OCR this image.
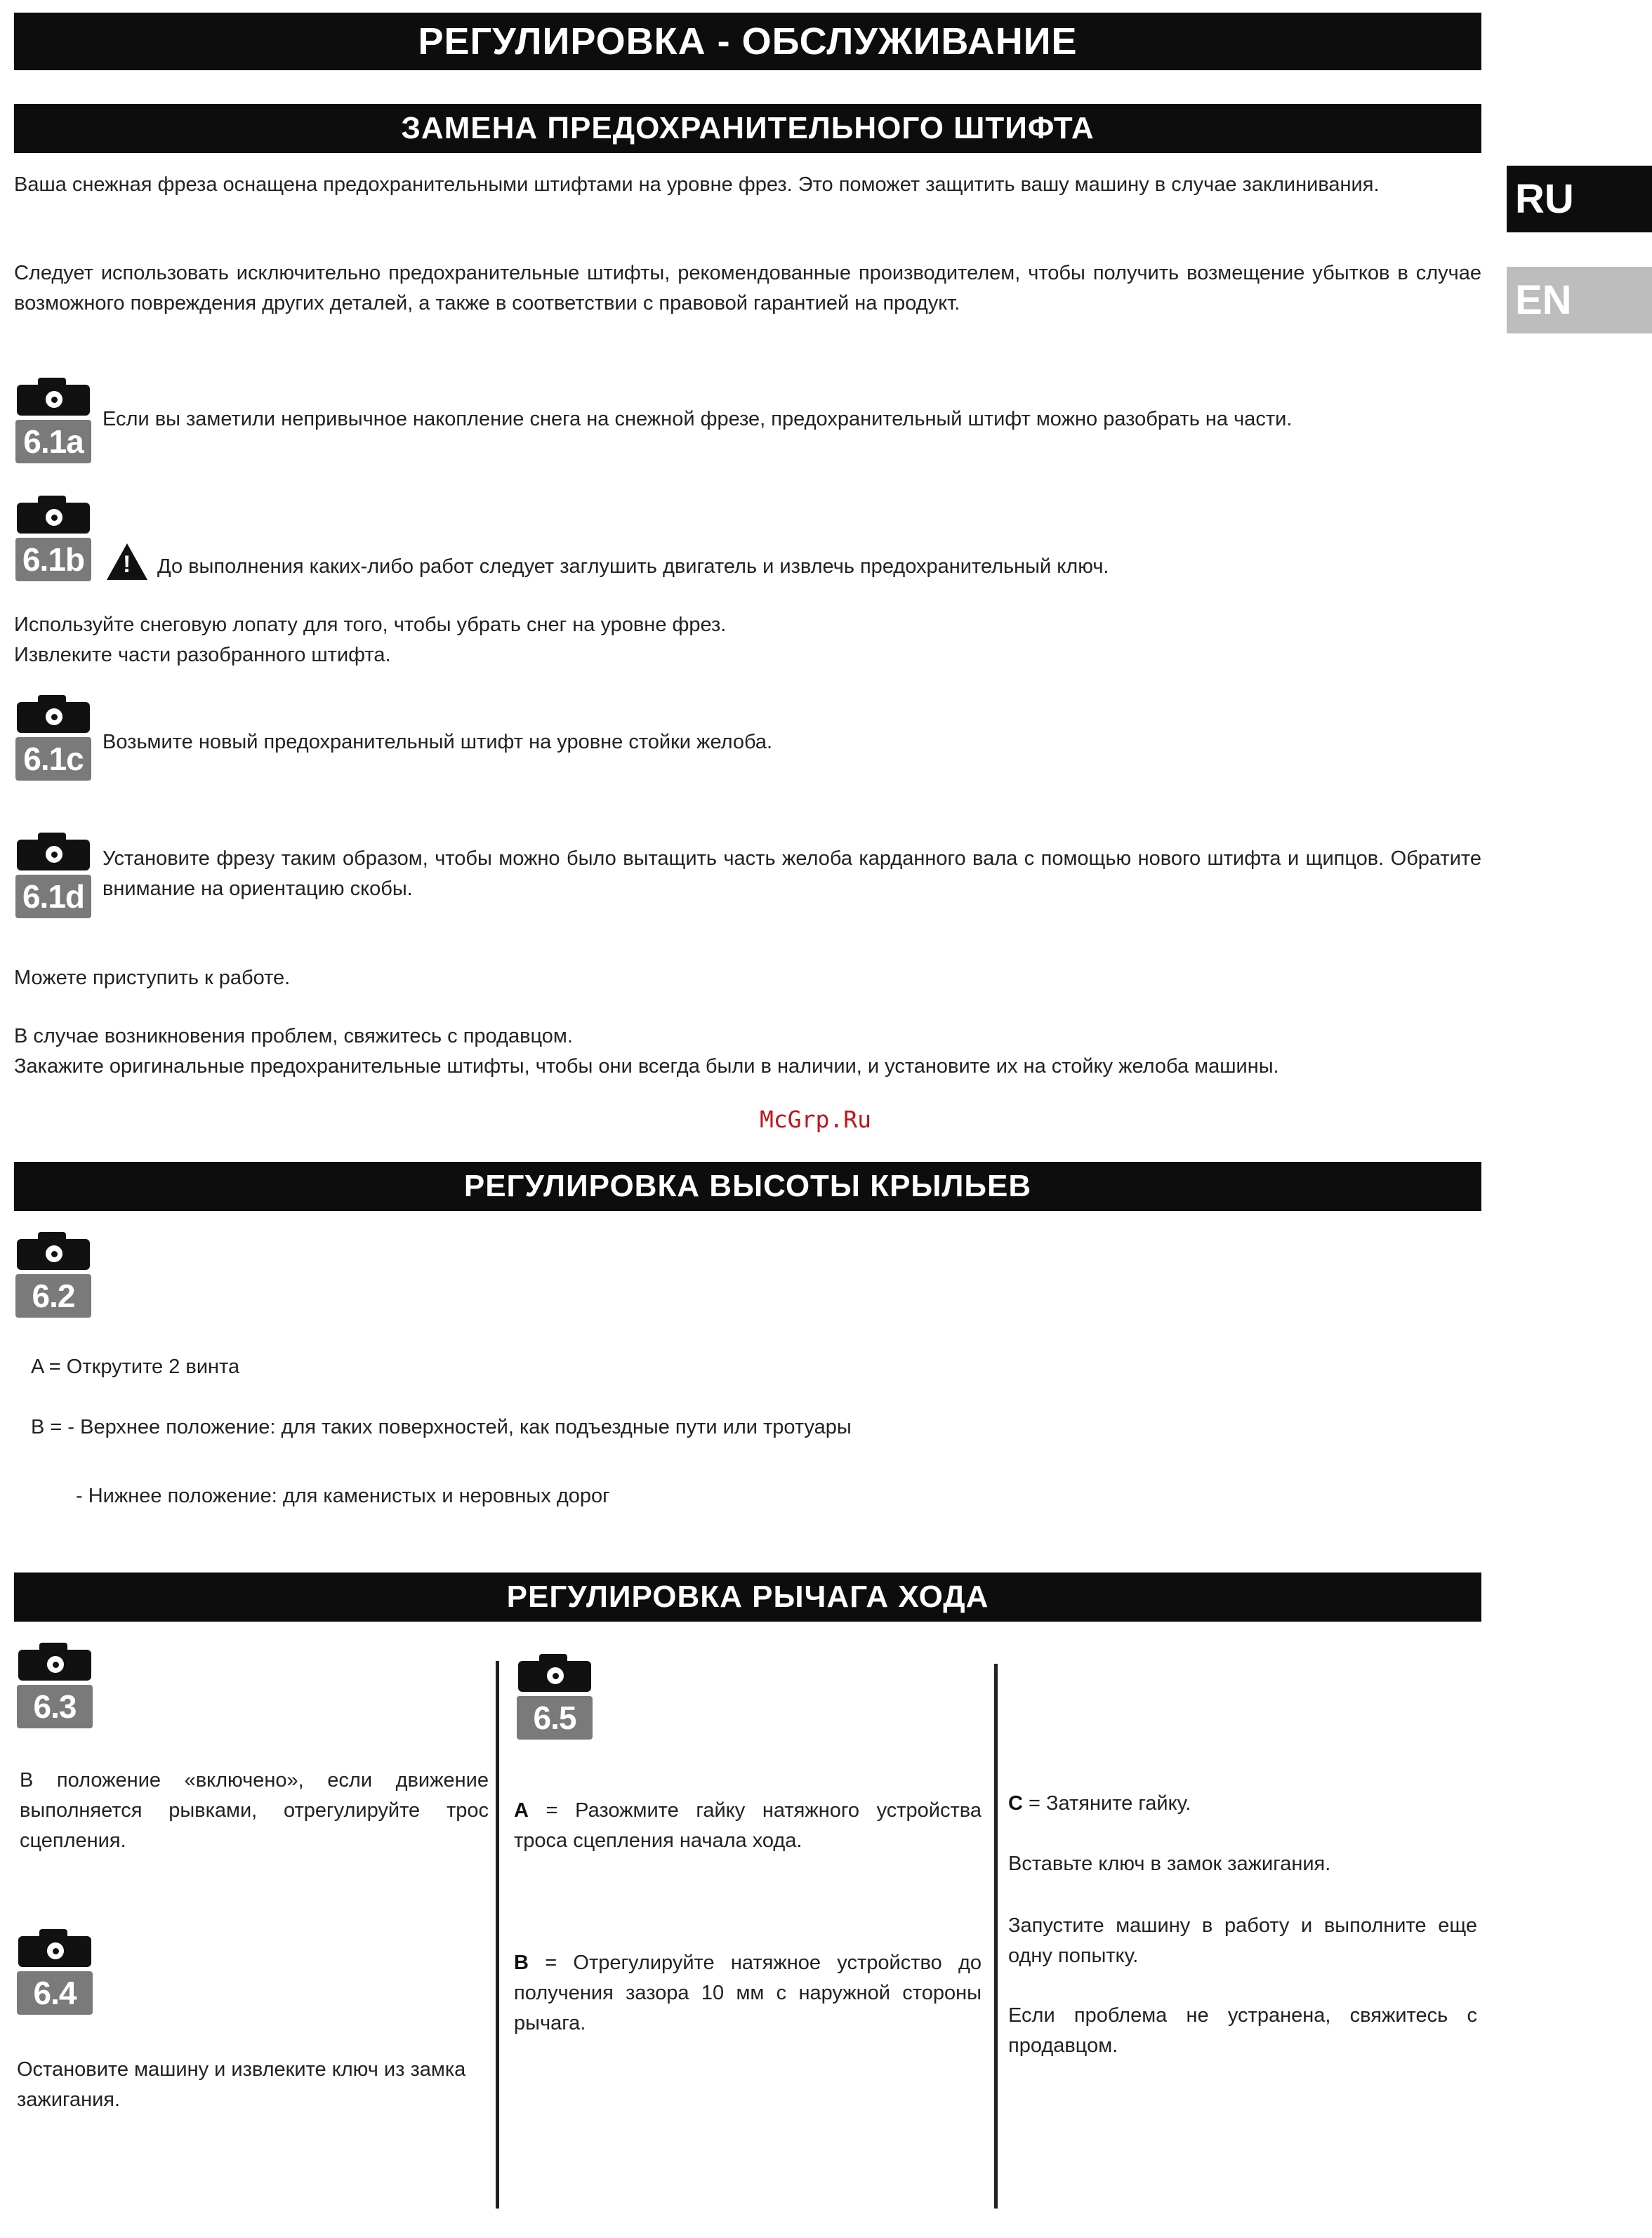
РЕГУЛИРОВКА - ОБСЛУЖИВАНИЕ
RU
EN
ЗАМЕНА ПРЕДОХРАНИТЕЛЬНОГО ШТИФТА
Ваша снежная фреза оснащена предохранительными штифтами на уровне фрез. Это поможет защитить вашу машину в случае заклинивания.
Следует использовать исключительно предохранительные штифты, рекомендованные производителем, чтобы получить возмещение убытков в случае возможного повреждения других деталей, а также в соответствии с правовой гарантией на продукт.
6.1a
Если вы заметили непривычное накопление снега на снежной фрезе, предохранительный штифт можно разобрать на части.
6.1b
!	До выполнения каких-либо работ следует заглушить двигатель и извлечь предохранительный ключ.
Используйте снеговую лопату для того, чтобы убрать снег на уровне фрез.
Извлеките части разобранного штифта.
6.1c Возьмите новый предохранительный штифт на уровне стойки желоба.
6.1d
Установите фрезу таким образом, чтобы можно было вытащить часть желоба карданного вала с помощью нового штифта и щипцов. Обратите внимание на ориентацию скобы.
Можете приступить к работе.
В случае возникновения проблем, свяжитесь с продавцом.
Закажите оригинальные предохранительные штифты, чтобы они всегда были в наличии, и установите их на стойку желоба машины.
McGrp.Ru
РЕГУЛИРОВКА ВЫСОТЫ КРЫЛЬЕВ
6.2
A = Открутите 2 винта
B = - Верхнее положение: для таких поверхностей, как подъездные пути или тротуары
- Нижнее положение: для каменистых и неровных дорог
РЕГУЛИРОВКА РЫЧАГА ХОДА
6.3
В положение «включено», если движение выполняется рывками, отрегулируйте трос сцепления.
6.4
Остановите машину и извлеките ключ из замка зажигания.
6.5
A = Разожмите гайку натяжного устройства троса сцепления начала хода.
B = Отрегулируйте натяжное устройство до получения зазора 10 мм с наружной стороны рычага.
C = Затяните гайку.
Вставьте ключ в замок зажигания.
Запустите машину в работу и выполните еще одну попытку.
Если проблема не устранена, свяжитесь с продавцом.
